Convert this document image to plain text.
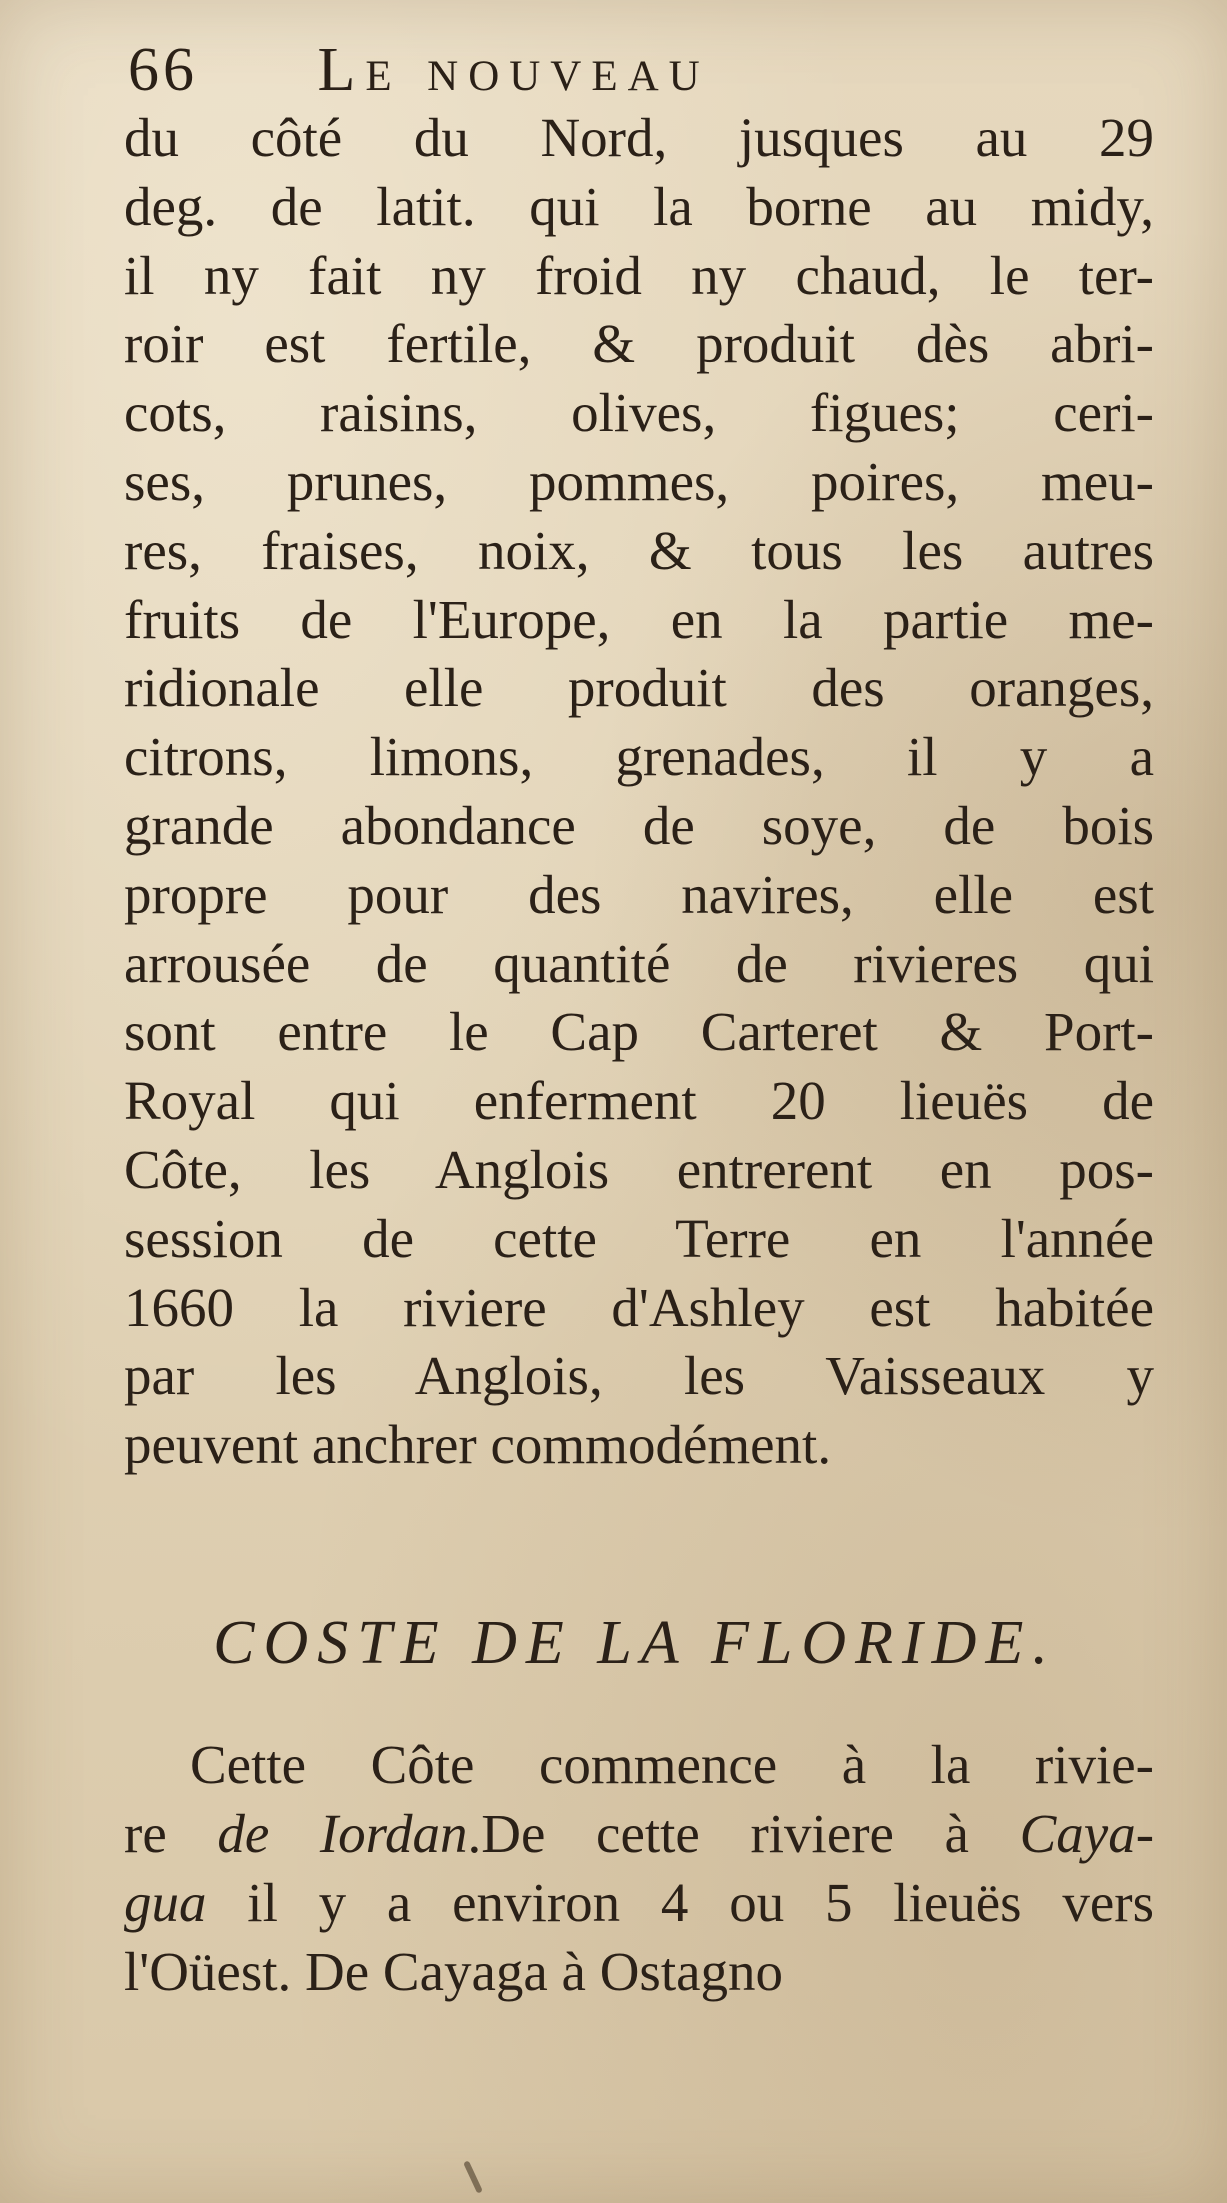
66 Le nouveau
du côté du Nord, jusques au 29
deg. de latit. qui la borne au midy,
il ny fait ny froid ny chaud, le ter-
roir est fertile, & produit dès abri-
cots, raisins, olives, figues; ceri-
ses, prunes, pommes, poires, meu-
res, fraises, noix, & tous les autres
fruits de l'Europe, en la partie me-
ridionale elle produit des oranges,
citrons, limons, grenades, il y a
grande abondance de soye, de bois
propre pour des navires, elle est
arrousée de quantité de rivieres qui
sont entre le Cap Carteret & Port-
Royal qui enferment 20 lieuës de
Côte, les Anglois entrerent en pos-
session de cette Terre en l'année
1660 la riviere d'Ashley est habitée
par les Anglois, les Vaisseaux y
peuvent anchrer commodément.
COSTE DE LA FLORIDE.
Cette Côte commence à la rivie-
re de Iordan.De cette riviere à Caya-
gua il y a environ 4 ou 5 lieuës vers
l'Oüest. De Cayaga à Ostagno
